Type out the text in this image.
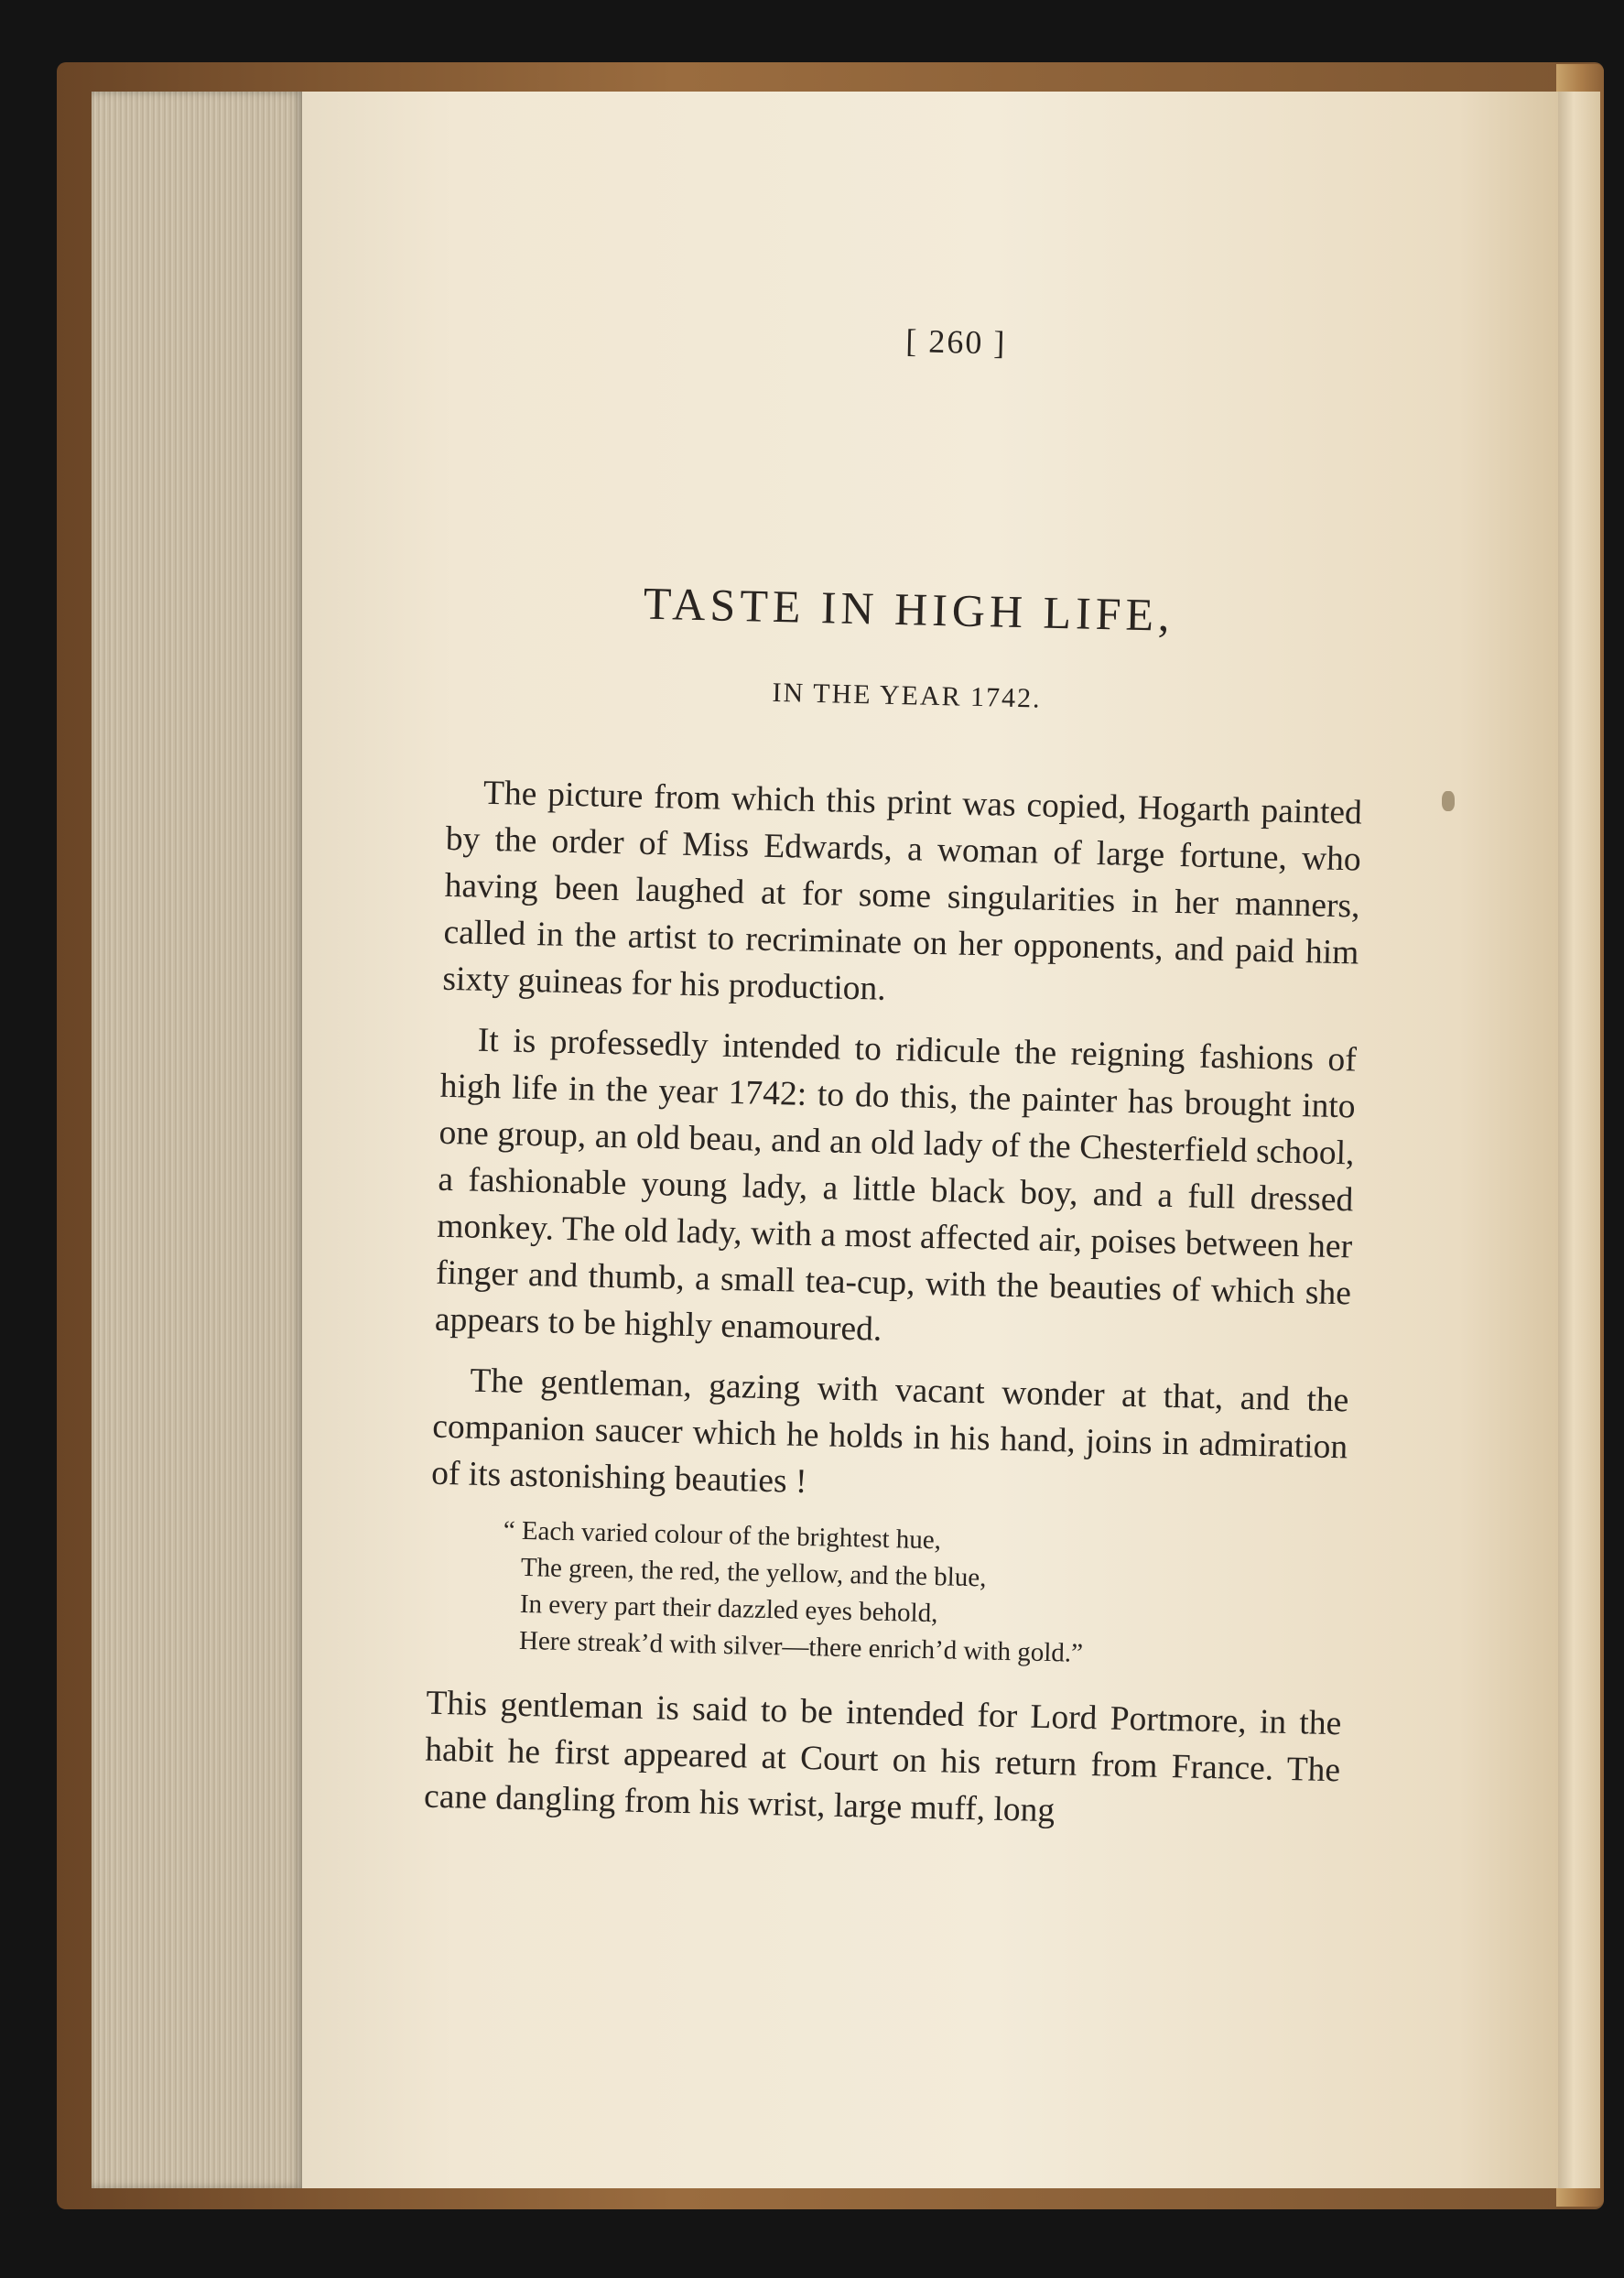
[ 260 ]
TASTE IN HIGH LIFE,
IN THE YEAR 1742.

The picture from which this print was copied, Hogarth painted by the order of Miss Edwards, a woman of large fortune, who having been laughed at for some singularities in her manners, called in the artist to recriminate on her opponents, and paid him sixty guineas for his production.

It is professedly intended to ridicule the reigning fashions of high life in the year 1742: to do this, the painter has brought into one group, an old beau, and an old lady of the Chesterfield school, a fashionable young lady, a little black boy, and a full dressed monkey. The old lady, with a most affected air, poises between her finger and thumb, a small tea-cup, with the beauties of which she appears to be highly enamoured.

The gentleman, gazing with vacant wonder at that, and the companion saucer which he holds in his hand, joins in admiration of its astonishing beauties !

“ Each varied colour of the brightest hue,
The green, the red, the yellow, and the blue,
In every part their dazzled eyes behold,
Here streak’d with silver—there enrich’d with gold.”

This gentleman is said to be intended for Lord Portmore, in the habit he first appeared at Court on his return from France. The cane dangling from his wrist, large muff, long
